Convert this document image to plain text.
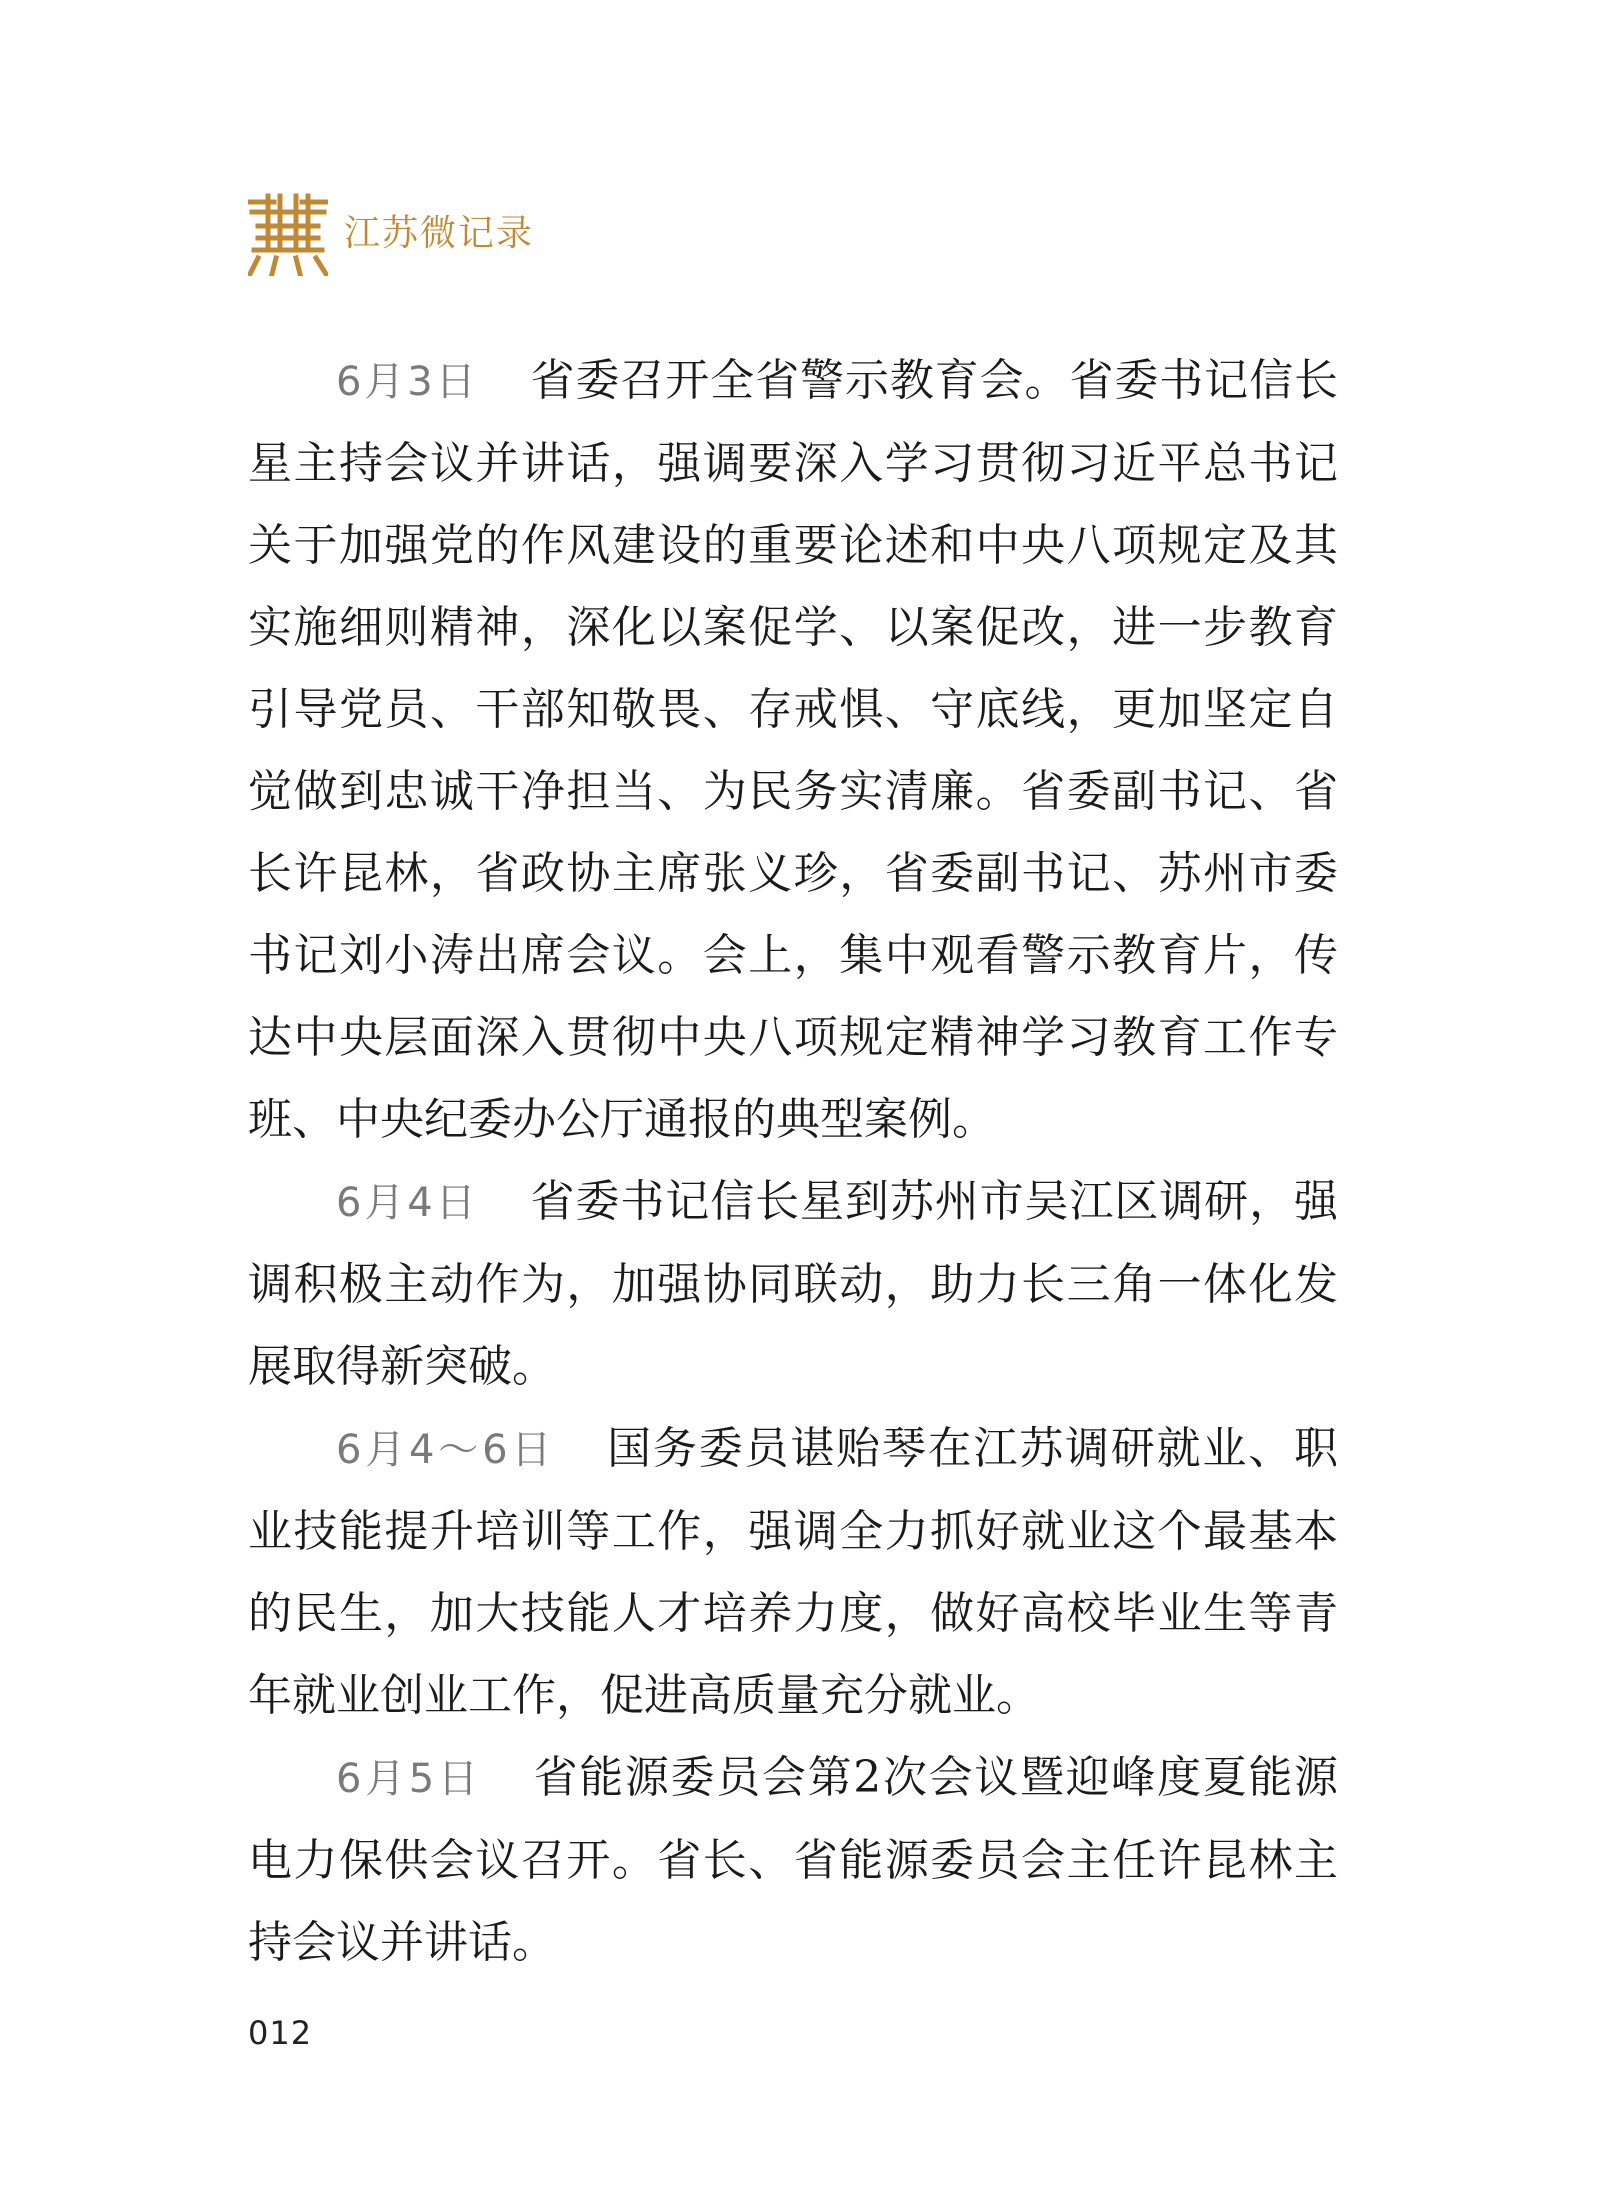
江苏微记录

6月3日 省委召开全省警示教育会。省委书记信长星主持会议并讲话，强调要深入学习贯彻习近平总书记关于加强党的作风建设的重要论述和中央八项规定及其实施细则精神，深化以案促学、以案促改，进一步教育引导党员、干部知敬畏、存戒惧、守底线，更加坚定自觉做到忠诚干净担当、为民务实清廉。省委副书记、省长许昆林，省政协主席张义珍，省委副书记、苏州市委书记刘小涛出席会议。会上，集中观看警示教育片，传达中央层面深入贯彻中央八项规定精神学习教育工作专班、中央纪委办公厅通报的典型案例。

6月4日 省委书记信长星到苏州市吴江区调研，强调积极主动作为，加强协同联动，助力长三角一体化发展取得新突破。

6月4～6日 国务委员谌贻琴在江苏调研就业、职业技能提升培训等工作，强调全力抓好就业这个最基本的民生，加大技能人才培养力度，做好高校毕业生等青年就业创业工作，促进高质量充分就业。

6月5日 省能源委员会第2次会议暨迎峰度夏能源电力保供会议召开。省长、省能源委员会主任许昆林主持会议并讲话。

012
